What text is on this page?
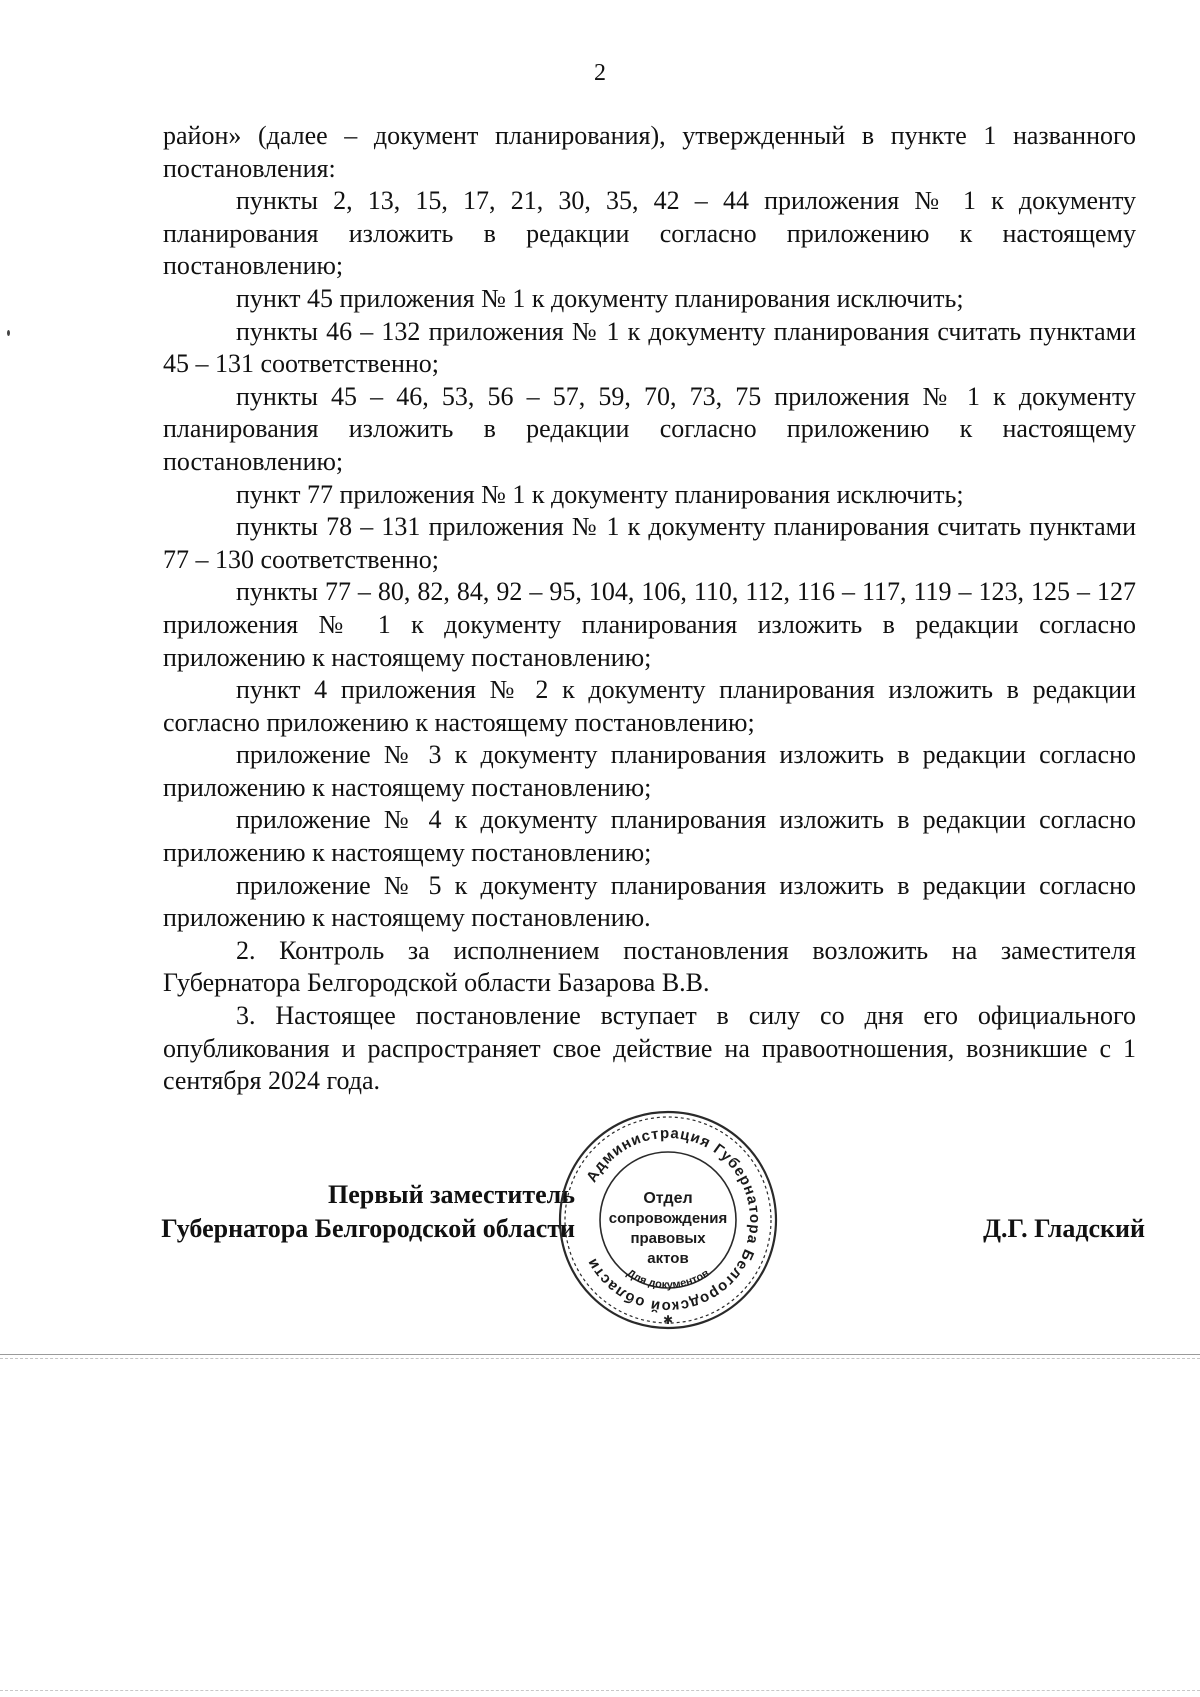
2

район» (далее – документ планирования), утвержденный в пункте 1 названного постановления:

пункты 2, 13, 15, 17, 21, 30, 35, 42 – 44 приложения № 1 к документу планирования изложить в редакции согласно приложению к настоящему постановлению;

пункт 45 приложения № 1 к документу планирования исключить;

пункты 46 – 132 приложения № 1 к документу планирования считать пунктами 45 – 131 соответственно;

пункты 45 – 46, 53, 56 – 57, 59, 70, 73, 75 приложения № 1 к документу планирования изложить в редакции согласно приложению к настоящему постановлению;

пункт 77 приложения № 1 к документу планирования исключить;

пункты 78 – 131 приложения № 1 к документу планирования считать пунктами 77 – 130 соответственно;

пункты 77 – 80, 82, 84, 92 – 95, 104, 106, 110, 112, 116 – 117, 119 – 123, 125 – 127 приложения № 1 к документу планирования изложить в редакции согласно приложению к настоящему постановлению;

пункт 4 приложения № 2 к документу планирования изложить в редакции согласно приложению к настоящему постановлению;

приложение № 3 к документу планирования изложить в редакции согласно приложению к настоящему постановлению;

приложение № 4 к документу планирования изложить в редакции согласно приложению к настоящему постановлению;

приложение № 5 к документу планирования изложить в редакции согласно приложению к настоящему постановлению.

2. Контроль за исполнением постановления возложить на заместителя Губернатора Белгородской области Базарова В.В.

3. Настоящее постановление вступает в силу со дня его официального опубликования и распространяет свое действие на правоотношения, возникшие с 1 сентября 2024 года.

Первый заместитель
Губернатора Белгородской области	Д.Г. Гладский
Администрация Губернатора Белгородской области
Отдел
сопровождения
правовых
актов
Для документов
✱
